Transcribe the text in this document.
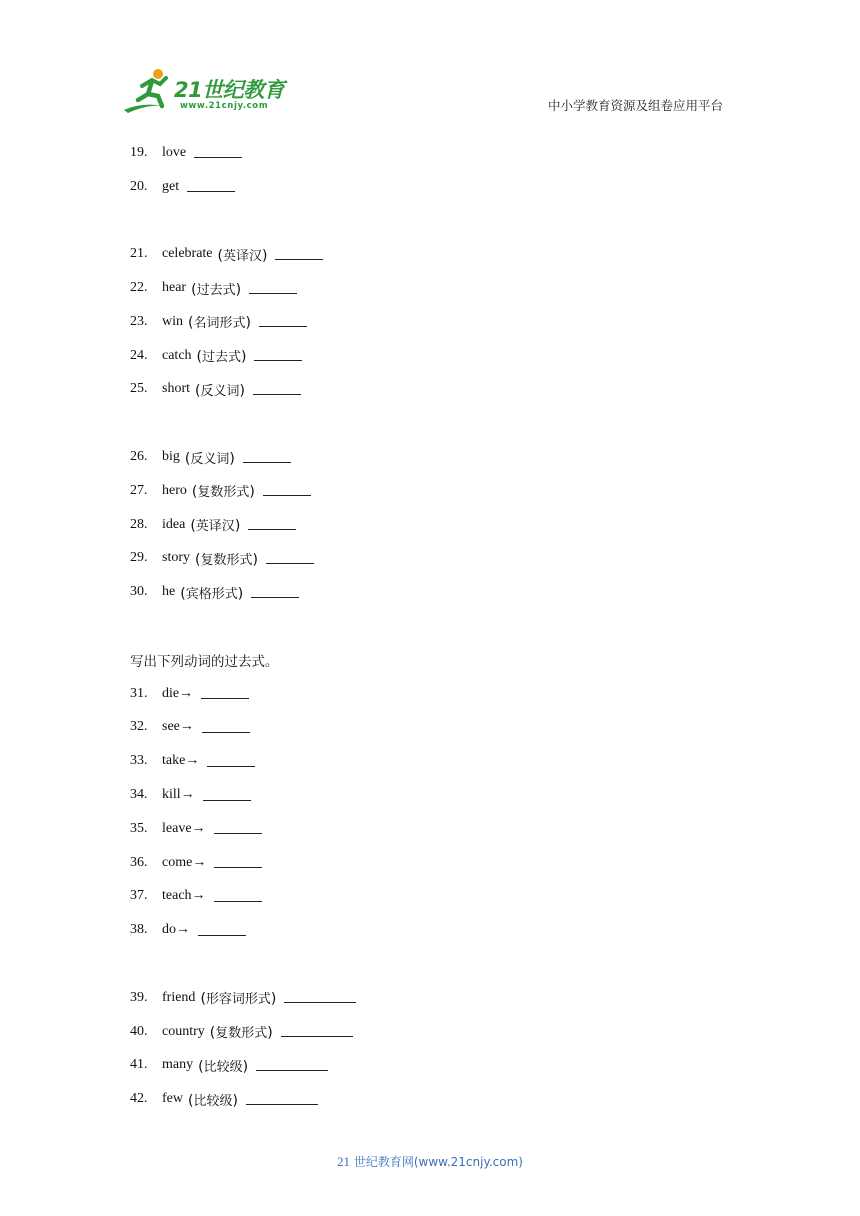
21世纪教育
www.21cnjy.com	中小学教育资源及组卷应用平台
19.	love
20.	get
21.	celebrate (英译汉)
22.	hear (过去式)
23.	win (名词形式)
24.	catch (过去式)
25.	short (反义词)
26.	big (反义词)
27.	hero (复数形式)
28.	idea (英译汉)
29.	story (复数形式)
30.	he (宾格形式)
写出下列动词的过去式。
31.	die→
32.	see→
33.	take→
34.	kill→
35.	leave→
36.	come→
37.	teach→
38.	do→
39.	friend (形容词形式)
40.	country (复数形式)
41.	many (比较级)
42.	few (比较级)
21 世纪教育网(www.21cnjy.com)
